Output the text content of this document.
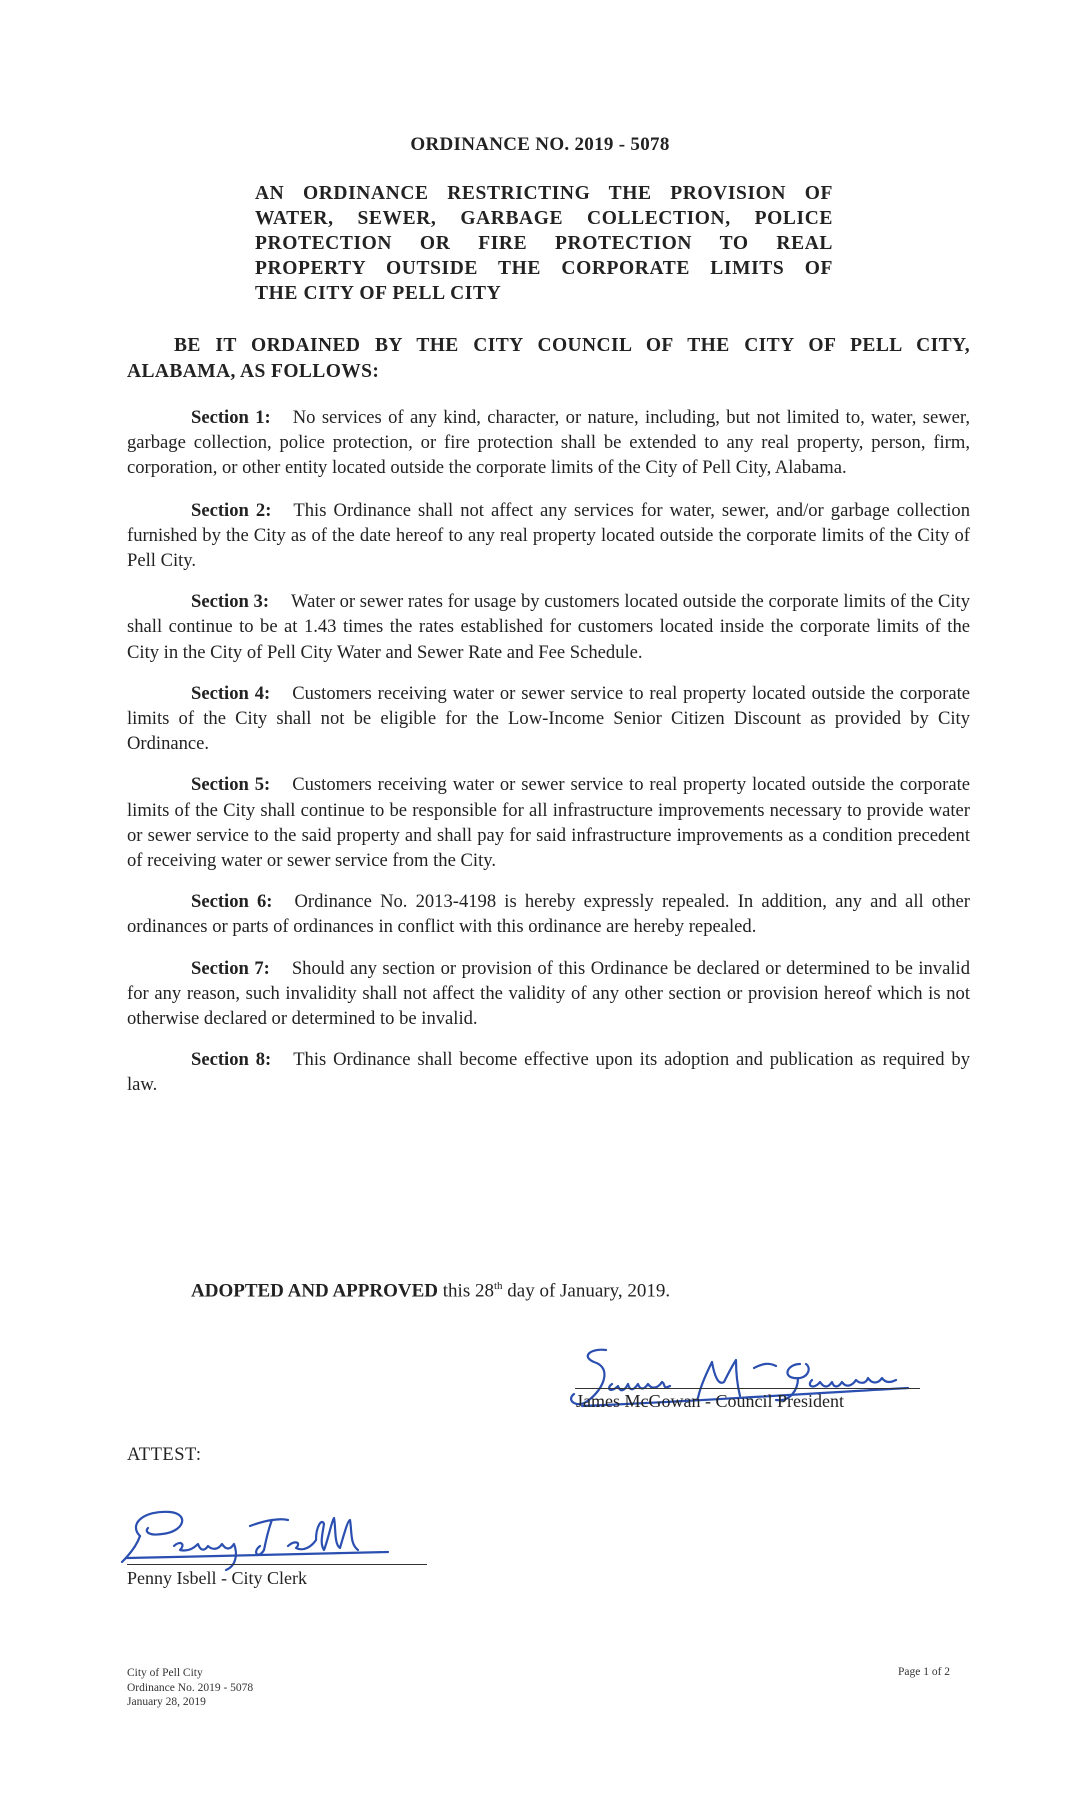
ORDINANCE NO. 2019 - 5078
AN ORDINANCE RESTRICTING THE PROVISION OF
WATER, SEWER, GARBAGE COLLECTION, POLICE
PROTECTION OR FIRE PROTECTION TO REAL
PROPERTY OUTSIDE THE CORPORATE LIMITS OF
THE CITY OF PELL CITY
BE IT ORDAINED BY THE CITY COUNCIL OF THE CITY OF PELL CITY, ALABAMA, AS FOLLOWS:

Section 1: No services of any kind, character, or nature, including, but not limited to, water, sewer, garbage collection, police protection, or fire protection shall be extended to any real property, person, firm, corporation, or other entity located outside the corporate limits of the City of Pell City, Alabama.

Section 2: This Ordinance shall not affect any services for water, sewer, and/or garbage collection furnished by the City as of the date hereof to any real property located outside the corporate limits of the City of Pell City.

Section 3: Water or sewer rates for usage by customers located outside the corporate limits of the City shall continue to be at 1.43 times the rates established for customers located inside the corporate limits of the City in the City of Pell City Water and Sewer Rate and Fee Schedule.

Section 4: Customers receiving water or sewer service to real property located outside the corporate limits of the City shall not be eligible for the Low-Income Senior Citizen Discount as provided by City Ordinance.

Section 5: Customers receiving water or sewer service to real property located outside the corporate limits of the City shall continue to be responsible for all infrastructure improvements necessary to provide water or sewer service to the said property and shall pay for said infrastructure improvements as a condition precedent of receiving water or sewer service from the City.

Section 6: Ordinance No. 2013-4198 is hereby expressly repealed. In addition, any and all other ordinances or parts of ordinances in conflict with this ordinance are hereby repealed.

Section 7: Should any section or provision of this Ordinance be declared or determined to be invalid for any reason, such invalidity shall not affect the validity of any other section or provision hereof which is not otherwise declared or determined to be invalid.

Section 8: This Ordinance shall become effective upon its adoption and publication as required by law.

ADOPTED AND APPROVED this 28th day of January, 2019.
James McGowan - Council President
ATTEST:
Penny Isbell - City Clerk
City of Pell City
Ordinance No. 2019 - 5078
January 28, 2019
Page 1 of 2
